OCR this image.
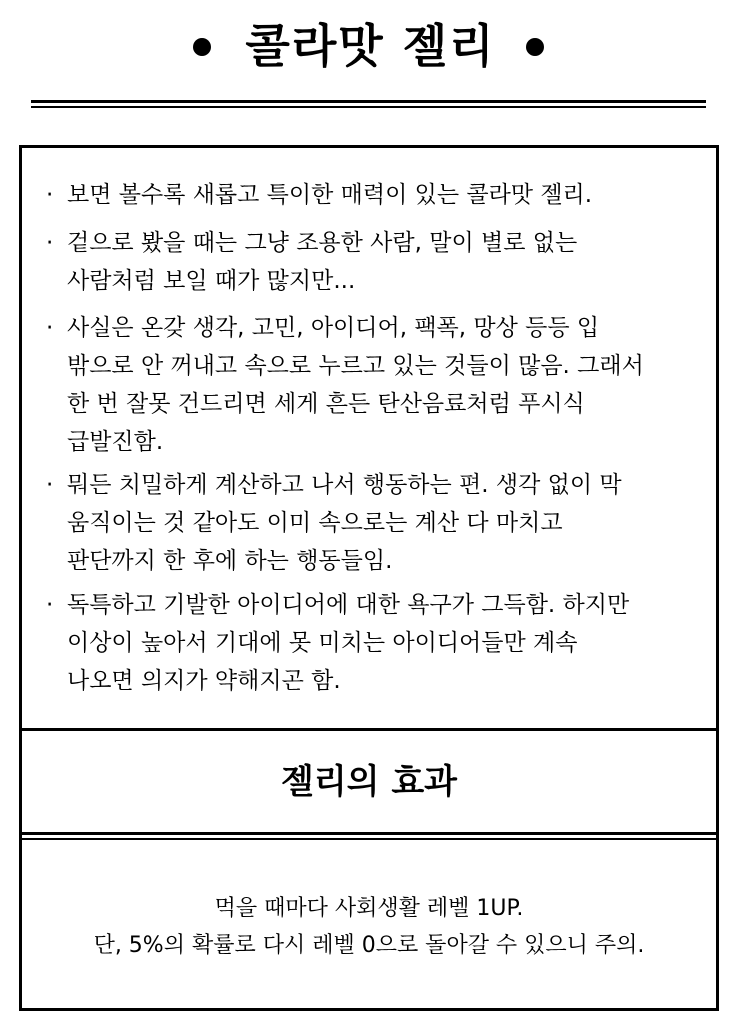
콜라맛 젤리
· 보면 볼수록 새롭고 특이한 매력이 있는 콜라맛 젤리.
· 겉으로 봤을 때는 그냥 조용한 사람, 말이 별로 없는
사람처럼 보일 때가 많지만...
· 사실은 온갖 생각, 고민, 아이디어, 팩폭, 망상 등등 입
밖으로 안 꺼내고 속으로 누르고 있는 것들이 많음. 그래서
한 번 잘못 건드리면 세게 흔든 탄산음료처럼 푸시식
급발진함.
· 뭐든 치밀하게 계산하고 나서 행동하는 편. 생각 없이 막
움직이는 것 같아도 이미 속으로는 계산 다 마치고
판단까지 한 후에 하는 행동들임.
· 독특하고 기발한 아이디어에 대한 욕구가 그득함. 하지만
이상이 높아서 기대에 못 미치는 아이디어들만 계속
나오면 의지가 약해지곤 함.
젤리의 효과
먹을 때마다 사회생활 레벨 1UP.
단, 5%의 확률로 다시 레벨 0으로 돌아갈 수 있으니 주의.
